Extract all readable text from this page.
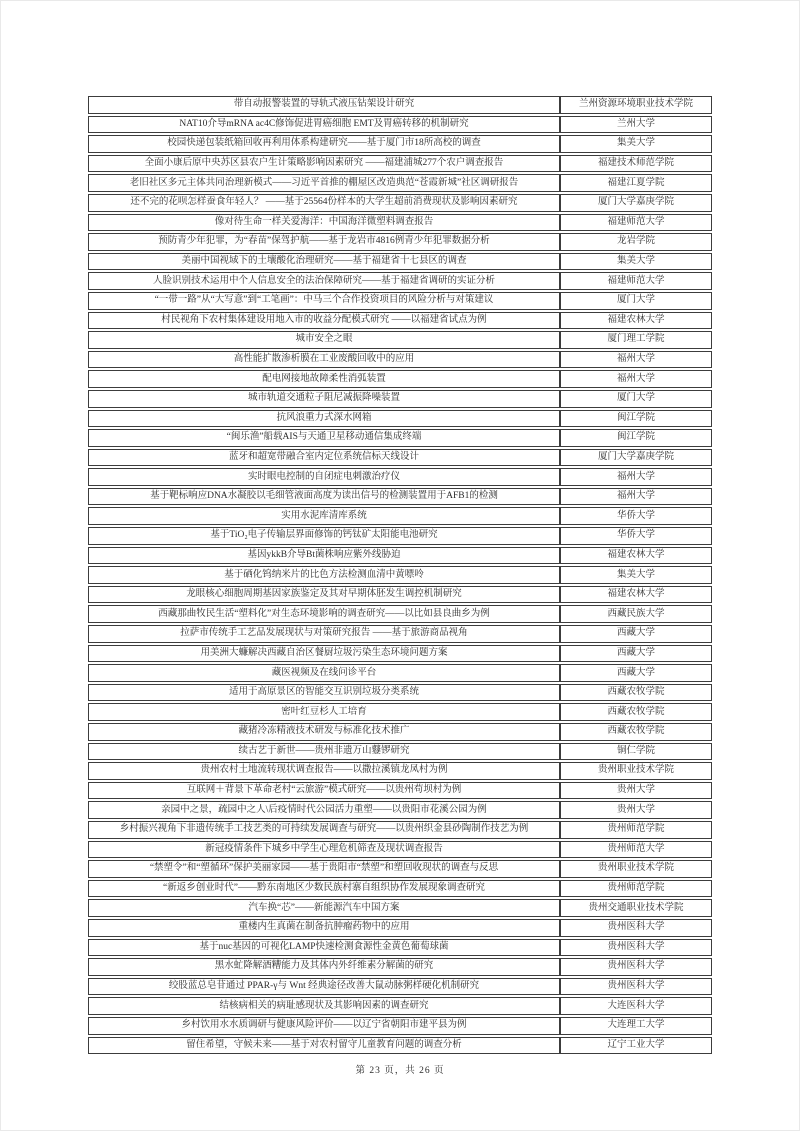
带自动报警装置的导轨式液压钻架设计研究	兰州资源环境职业技术学院
NAT10介导mRNA ac4C修饰促进胃癌细胞 EMT及胃癌转移的机制研究	兰州大学
校园快递包装纸箱回收再利用体系构建研究——基于厦门市18所高校的调查	集美大学
全面小康后原中央苏区县农户生计策略影响因素研究 ——福建浦城277个农户调查报告	福建技术师范学院
老旧社区多元主体共同治理新模式——习近平首推的棚屋区改造典范“苍霞新城”社区调研报告	福建江夏学院
还不完的花呗怎样蚕食年轻人？ ——基于25564份样本的大学生超前消费现状及影响因素研究	厦门大学嘉庚学院
像对待生命一样关爱海洋：中国海洋微塑料调查报告	福建师范大学
预防青少年犯罪，为“春苗”保驾护航——基于龙岩市4816例青少年犯罪数据分析	龙岩学院
美丽中国视域下的土壤酸化治理研究——基于福建省十七县区的调查	集美大学
人脸识别技术运用中个人信息安全的法治保障研究——基于福建省调研的实证分析	福建师范大学
“一带一路”从“大写意”到“工笔画”：中马三个合作投资项目的风险分析与对策建议	厦门大学
村民视角下农村集体建设用地入市的收益分配模式研究 ——以福建省试点为例	福建农林大学
城市安全之眼	厦门理工学院
高性能扩散渗析膜在工业废酸回收中的应用	福州大学
配电网接地故障柔性消弧装置	福州大学
城市轨道交通粒子阻尼减振降噪装置	厦门大学
抗风浪重力式深水网箱	闽江学院
“闽乐渔”船载AIS与天通卫星移动通信集成终端	闽江学院
蓝牙和超宽带融合室内定位系统信标天线设计	厦门大学嘉庚学院
实时眼电控制的自闭症电刺激治疗仪	福州大学
基于靶标响应DNA水凝胶以毛细管液面高度为读出信号的检测装置用于AFB1的检测	福州大学
实用水泥库清库系统	华侨大学
基于TiO₂电子传输层界面修饰的钙钛矿太阳能电池研究	华侨大学
基因ykkB介导Bt菌株响应紫外线胁迫	福建农林大学
基于硒化钨纳米片的比色方法检测血清中黄嘌呤	集美大学
龙眼核心细胞周期基因家族鉴定及其对早期体胚发生调控机制研究	福建农林大学
西藏那曲牧民生活“塑料化”对生态环境影响的调查研究——以比如县良曲乡为例	西藏民族大学
拉萨市传统手工艺品发展现状与对策研究报告 ——基于旅游商品视角	西藏大学
用美洲大蠊解决西藏自治区餐厨垃圾污染生态环境问题方案	西藏大学
藏医视频及在线问诊平台	西藏大学
适用于高原景区的智能交互识别垃圾分类系统	西藏农牧学院
密叶红豆杉人工培育	西藏农牧学院
藏猪冷冻精液技术研发与标准化技术推广	西藏农牧学院
续古艺于新世——贵州非遗万山鼟锣研究	铜仁学院
贵州农村土地流转现状调查报告——以撒拉溪镇龙凤村为例	贵州职业技术学院
互联网＋背景下革命老村“云旅游”模式研究——以贵州苟坝村为例	贵州大学
亲园中之景，疏园中之人\后疫情时代公园活力重塑——以贵阳市花溪公园为例	贵州大学
乡村振兴视角下非遗传统手工技艺类的可持续发展调查与研究——以贵州织金县砂陶制作技艺为例	贵州师范学院
新冠疫情条件下城乡中学生心理危机筛查及现状调查报告	贵州师范大学
“禁塑令”和“塑循环”保护美丽家园——基于贵阳市“禁塑”和塑回收现状的调查与反思	贵州职业技术学院
“新返乡创业时代”——黔东南地区少数民族村寨自组织协作发展现象调查研究	贵州师范学院
汽车换“芯”——新能源汽车中国方案	贵州交通职业技术学院
重楼内生真菌在制备抗肿瘤药物中的应用	贵州医科大学
基于nuc基因的可视化LAMP快速检测食源性金黄色葡萄球菌	贵州医科大学
黑水虻降解酒糟能力及其体内外纤维素分解菌的研究	贵州医科大学
绞股蓝总皂苷通过 PPAR-γ与 Wnt 经典途径改善大鼠动脉粥样硬化机制研究	贵州医科大学
结核病相关的病耻感现状及其影响因素的调查研究	大连医科大学
乡村饮用水水质调研与健康风险评价——以辽宁省朝阳市建平县为例	大连理工大学
留住希望，守候未来——基于对农村留守儿童教育问题的调查分析	辽宁工业大学
第 23 页，共 26 页
